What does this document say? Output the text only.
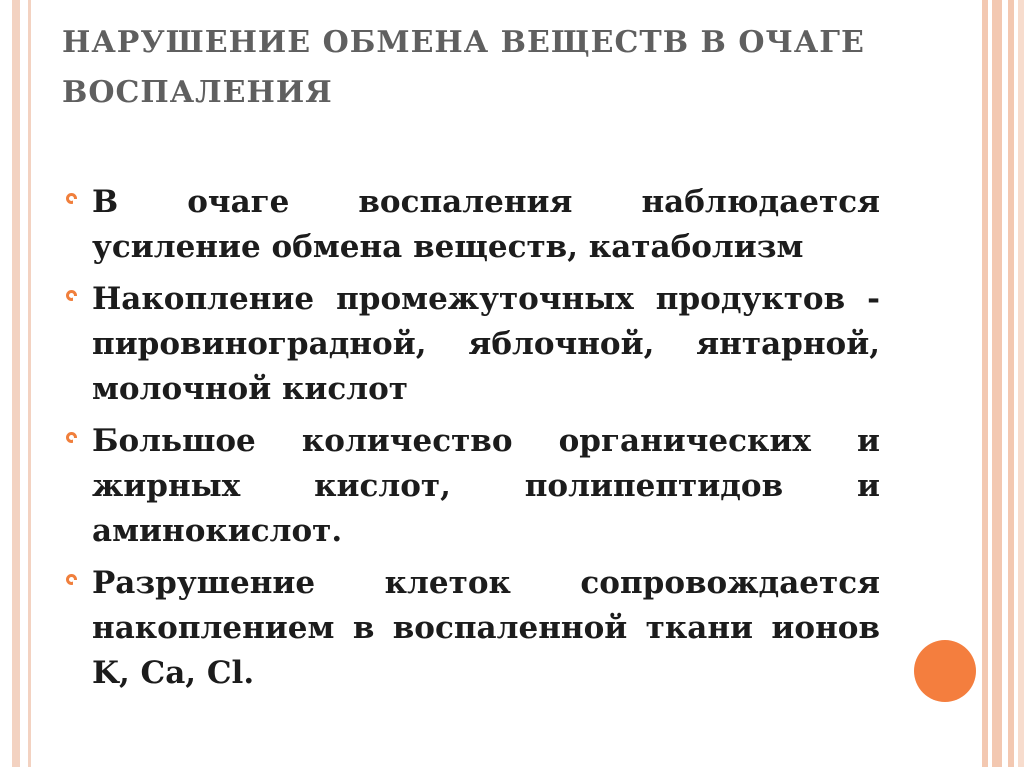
НАРУШЕНИЕ ОБМЕНА ВЕЩЕСТВ В ОЧАГЕ
ВОСПАЛЕНИЯ
В очаге воспаления наблюдается усиление обмена веществ, катаболизм
Накопление промежуточных продуктов - пировиноградной, яблочной, янтарной, молочной кислот
Большое количество органических и жирных кислот, полипептидов и аминокислот.
Разрушение клеток сопровождается накоплением в воспаленной ткани ионов K, Ca, Cl.
